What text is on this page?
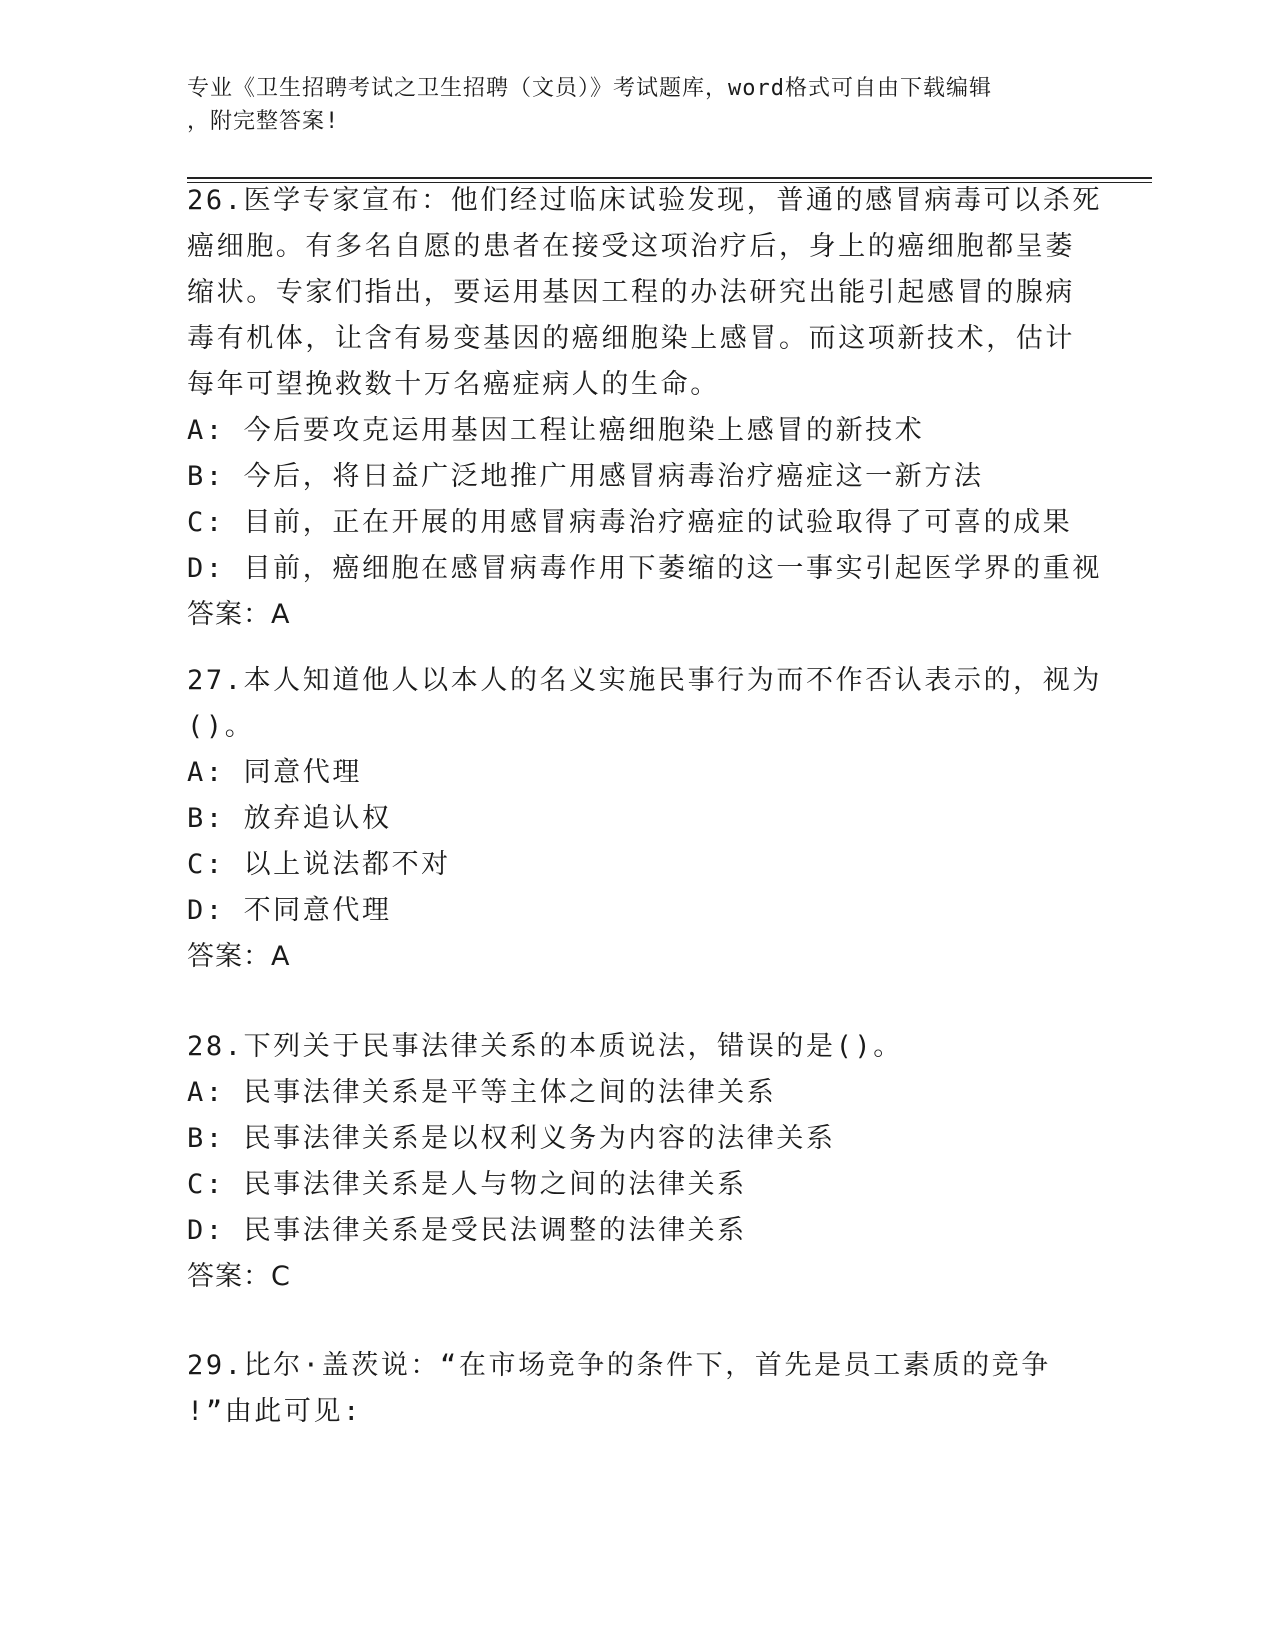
专业《卫生招聘考试之卫生招聘（文员）》考试题库，word格式可自由下载编辑
，附完整答案!
26.医学专家宣布：他们经过临床试验发现，普通的感冒病毒可以杀死
癌细胞。有多名自愿的患者在接受这项治疗后，身上的癌细胞都呈萎
缩状。专家们指出，要运用基因工程的办法研究出能引起感冒的腺病
毒有机体，让含有易变基因的癌细胞染上感冒。而这项新技术，估计
每年可望挽救数十万名癌症病人的生命。
A: 今后要攻克运用基因工程让癌细胞染上感冒的新技术
B: 今后，将日益广泛地推广用感冒病毒治疗癌症这一新方法
C: 目前，正在开展的用感冒病毒治疗癌症的试验取得了可喜的成果
D: 目前，癌细胞在感冒病毒作用下萎缩的这一事实引起医学界的重视
答案：A
27.本人知道他人以本人的名义实施民事行为而不作否认表示的，视为
()。
A: 同意代理
B: 放弃追认权
C: 以上说法都不对
D: 不同意代理
答案：A
28.下列关于民事法律关系的本质说法，错误的是()。
A: 民事法律关系是平等主体之间的法律关系
B: 民事法律关系是以权利义务为内容的法律关系
C: 民事法律关系是人与物之间的法律关系
D: 民事法律关系是受民法调整的法律关系
答案：C
29.比尔·盖茨说：“在市场竞争的条件下，首先是员工素质的竞争
!”由此可见:
